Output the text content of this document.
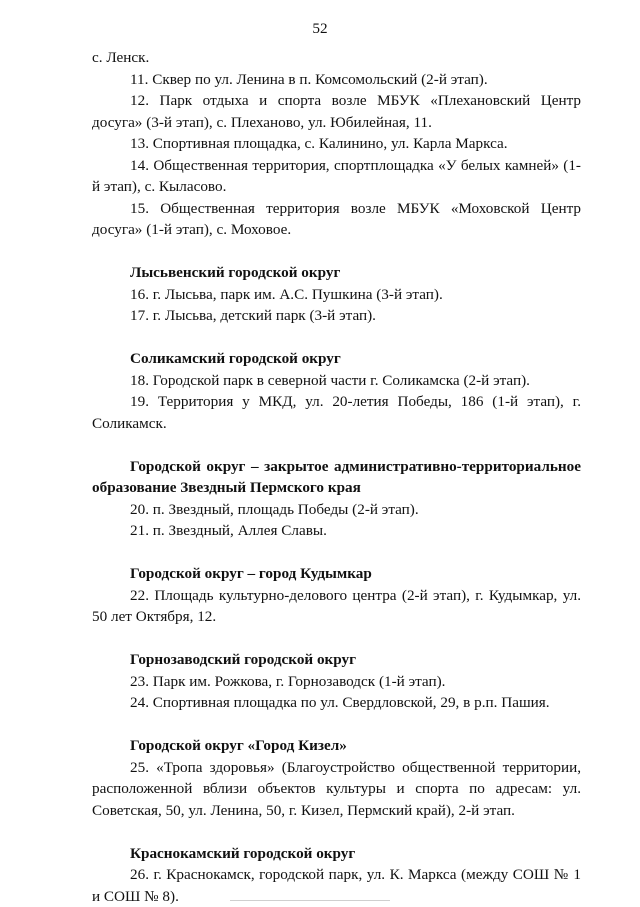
52

с. Ленск.

11. Сквер по ул. Ленина в п. Комсомольский (2-й этап).

12. Парк отдыха и спорта возле МБУК «Плехановский Центр досуга» (3-й этап), с. Плеханово, ул. Юбилейная, 11.

13. Спортивная площадка, с. Калинино, ул. Карла Маркса.

14. Общественная территория, спортплощадка «У белых камней» (1-й этап), с. Кыласово.

15. Общественная территория возле МБУК «Моховской Центр досуга» (1-й этап), с. Моховое.

Лысьвенский городской округ

16. г. Лысьва, парк им. А.С. Пушкина (3-й этап).

17. г. Лысьва, детский парк (3-й этап).

Соликамский городской округ

18. Городской парк в северной части г. Соликамска (2-й этап).

19. Территория у МКД, ул. 20-летия Победы, 186 (1-й этап), г. Соликамск.

Городской округ – закрытое административно-территориальное образование Звездный Пермского края

20. п. Звездный, площадь Победы (2-й этап).

21. п. Звездный, Аллея Славы.

Городской округ – город Кудымкар

22. Площадь культурно-делового центра (2-й этап), г. Кудымкар, ул. 50 лет Октября, 12.

Горнозаводский городской округ

23. Парк им. Рожкова, г. Горнозаводск (1-й этап).

24. Спортивная площадка по ул. Свердловской, 29, в р.п. Пашия.

Городской округ «Город Кизел»

25. «Тропа здоровья» (Благоустройство общественной территории, расположенной вблизи объектов культуры и спорта по адресам: ул. Советская, 50, ул. Ленина, 50, г. Кизел, Пермский край), 2-й этап.

Краснокамский городской округ

26. г. Краснокамск, городской парк, ул. К. Маркса (между СОШ № 1 и СОШ № 8).
